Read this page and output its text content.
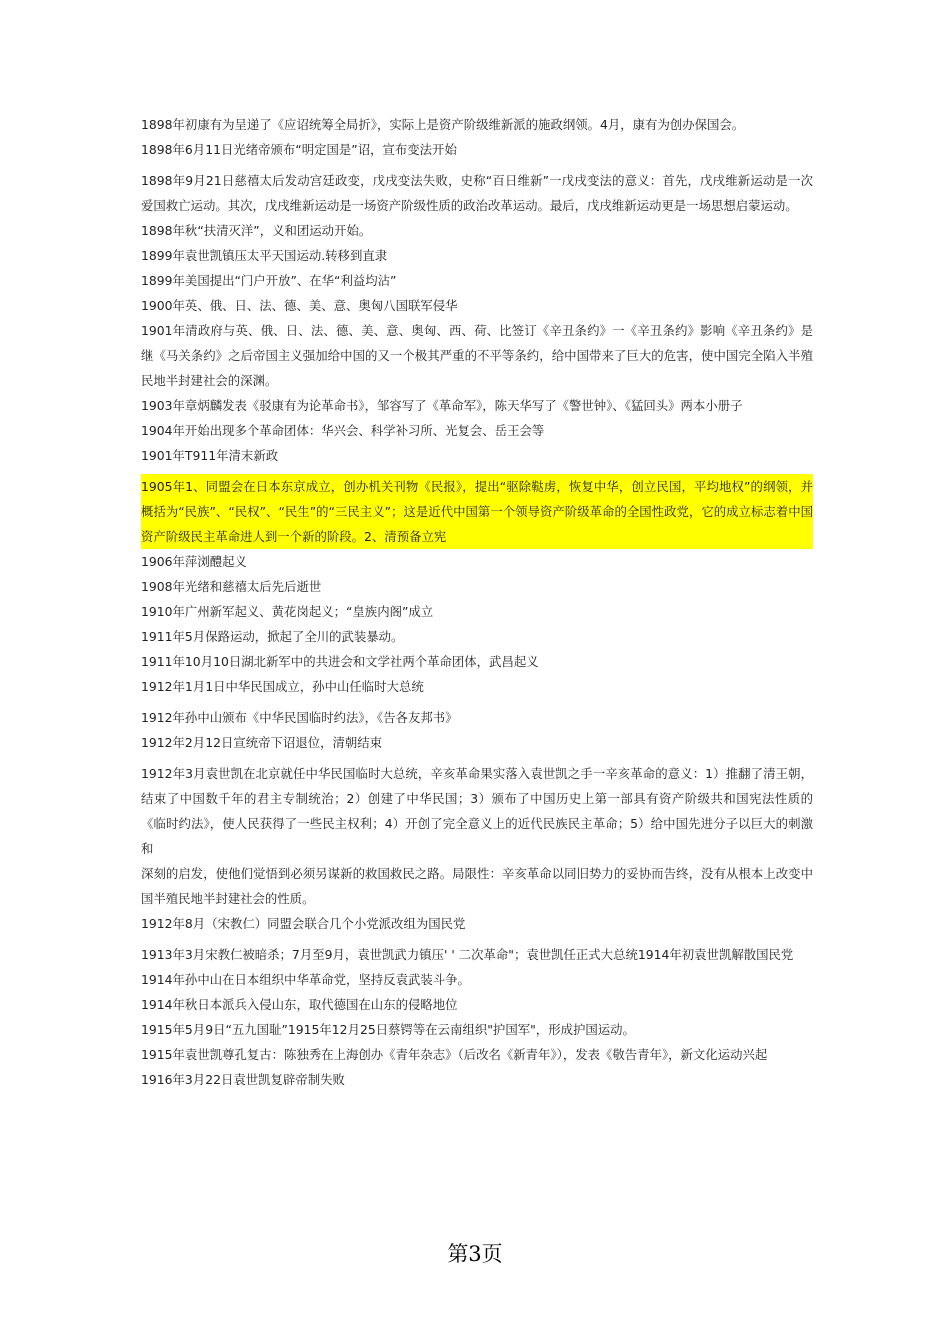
1898年初康有为呈递了《应诏统筹全局折》，实际上是资产阶级维新派的施政纲领。4月，康有为创办保国会。

1898年6月11日光绪帝颁布“明定国是”诏，宣布变法开始

1898年9月21日慈禧太后发动宫廷政变，戊戌变法失败，史称“百日维新”一戊戌变法的意义：首先，戊戌维新运动是一次爱国救亡运动。其次，戊戌维新运动是一场资产阶级性质的政治改革运动。最后，戊戌维新运动更是一场思想启蒙运动。

1898年秋“扶清灭洋”，义和团运动开始。

1899年袁世凯镇压太平天国运动.转移到直隶

1899年美国提出“门户开放”、在华“利益均沾”

1900年英、俄、日、法、德、美、意、奥匈八国联军侵华

1901年清政府与英、俄、日、法、德、美、意、奥匈、西、荷、比签订《辛丑条约》一《辛丑条约》影响《辛丑条约》是继《马关条约》之后帝国主义强加给中国的又一个极其严重的不平等条约，给中国带来了巨大的危害，使中国完全陷入半殖民地半封建社会的深渊。

1903年章炳麟发表《驳康有为论革命书》，邹容写了《革命军》，陈天华写了《警世钟》、《猛回头》两本小册子

1904年开始出现多个革命团体：华兴会、科学补习所、光复会、岳王会等

1901年T911年清末新政

1905年1、同盟会在日本东京成立，创办机关刊物《民报》，提出“驱除鞑虏，恢复中华，创立民国，平均地权”的纲领，并概括为“民族”、“民权”、“民生”的“三民主义”；这是近代中国第一个领导资产阶级革命的全国性政党，它的成立标志着中国资产阶级民主革命进人到一个新的阶段。2、清预备立宪

1906年萍浏醴起义

1908年光绪和慈禧太后先后逝世

1910年广州新军起义、黄花岗起义；“皇族内阁”成立

1911年5月保路运动，掀起了全川的武装暴动。

1911年10月10日湖北新军中的共进会和文学社两个革命团体，武昌起义

1912年1月1日中华民国成立，孙中山任临时大总统

1912年孙中山颁布《中华民国临时约法》，《告各友邦书》

1912年2月12日宣统帝下诏退位，清朝结束

1912年3月袁世凯在北京就任中华民国临时大总统，辛亥革命果实落入袁世凯之手一辛亥革命的意义：1）推翻了清王朝，结束了中国数千年的君主专制统治；2）创建了中华民国；3）颁布了中国历史上第一部具有资产阶级共和国宪法性质的《临时约法》，使人民获得了一些民主权利；4）开创了完全意义上的近代民族民主革命；5）给中国先进分子以巨大的刺激和

深刻的启发，使他们觉悟到必须另谋新的救国救民之路。局限性：辛亥革命以同旧势力的妥协而告终，没有从根本上改变中国半殖民地半封建社会的性质。

1912年8月（宋教仁）同盟会联合几个小党派改组为国民党

1913年3月宋教仁被暗杀；7月至9月，袁世凯武力镇压' ' 二次革命"；袁世凯任正式大总统1914年初袁世凯解散国民党

1914年孙中山在日本组织中华革命党，坚持反袁武装斗争。

1914年秋日本派兵入侵山东，取代德国在山东的侵略地位

1915年5月9日“五九国耻”1915年12月25日蔡锷等在云南组织"护国军"，形成护国运动。

1915年袁世凯尊孔复古：陈独秀在上海创办《青年杂志》（后改名《新青年》），发表《敬告青年》，新文化运动兴起

1916年3月22日袁世凯复辟帝制失败

第3页
